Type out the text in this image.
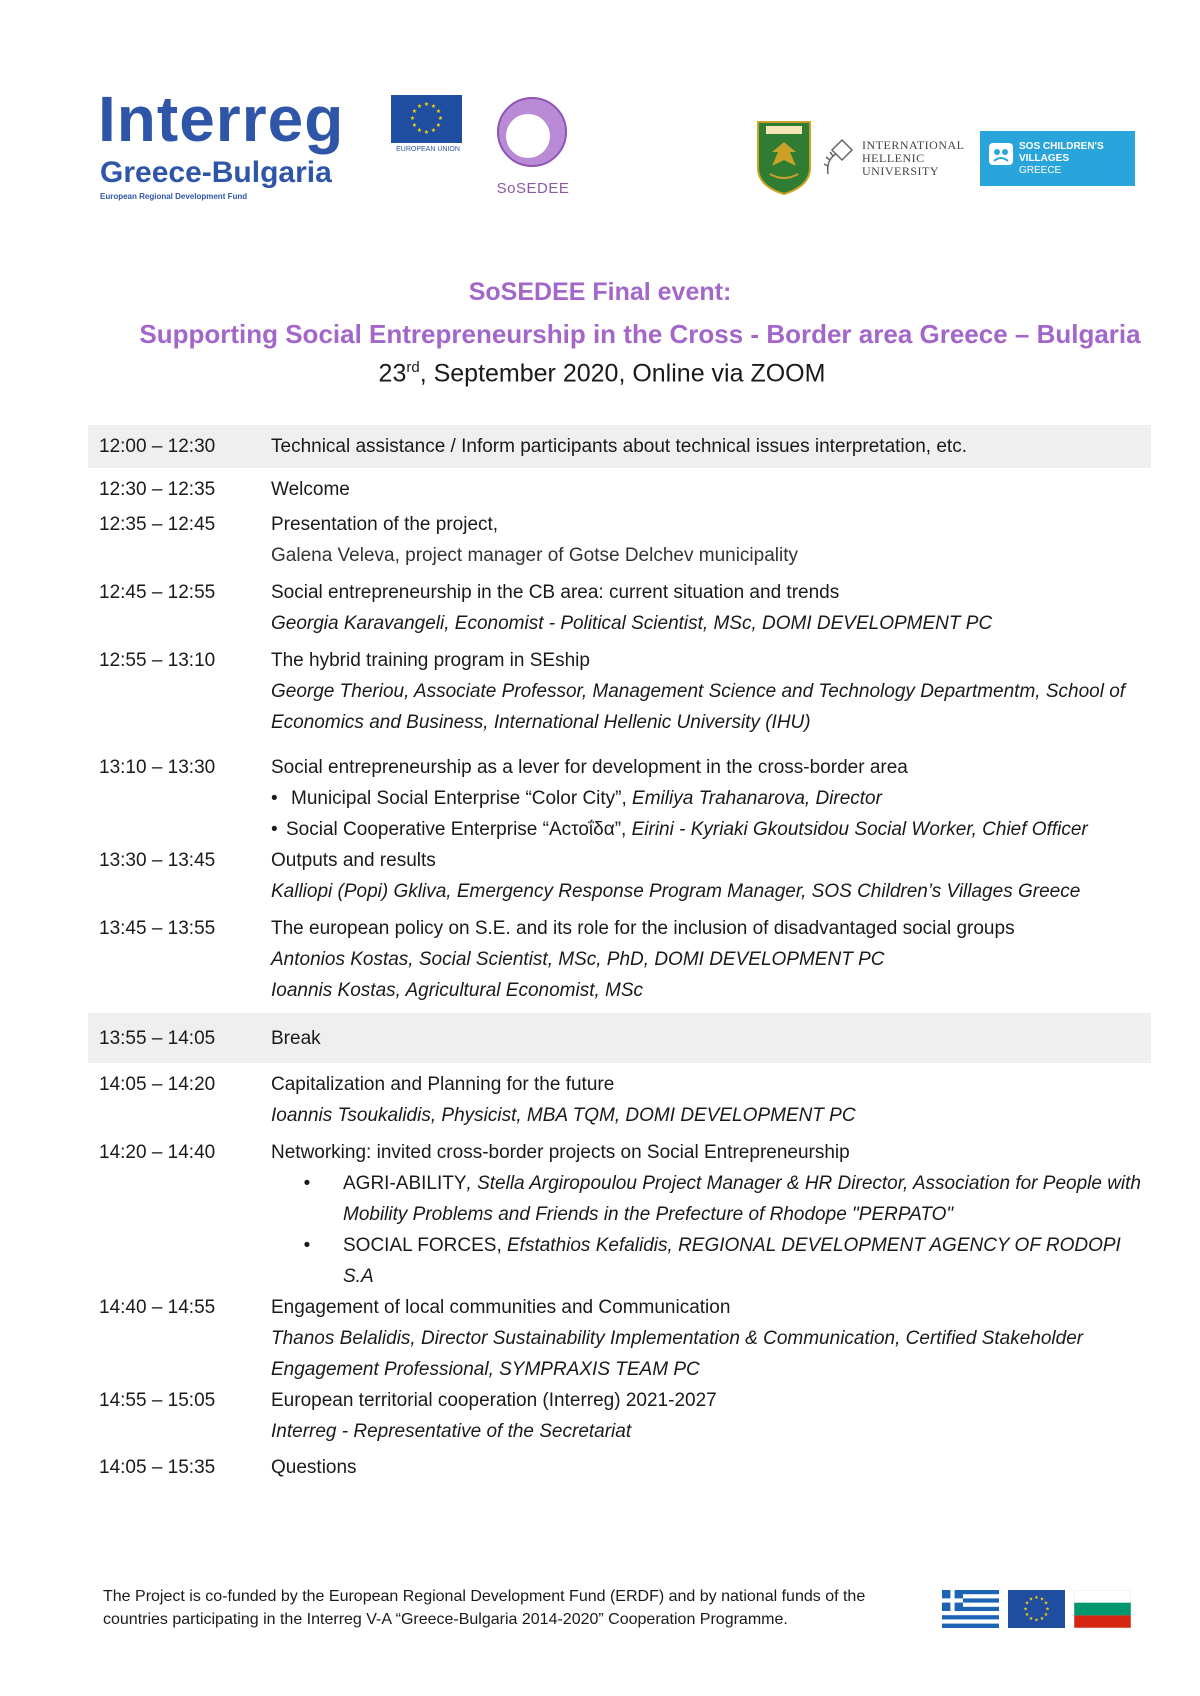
Interreg
Greece-Bulgaria
European Regional Development Fund
★ ★
★
★
★
★
★
★
★
★
★
★
EUROPEAN UNION
SoSEDEE
INTERNATIONAL
HELLENIC
UNIVERSITY
SOS CHILDREN'S
VILLAGES
GREECE
SoSEDEE Final event:
Supporting Social Entrepreneurship in the Cross - Border area Greece – Bulgaria
23rd, September 2020, Online via ZOOM
12:00 – 12:30	Technical assistance / Inform participants about technical issues interpretation, etc.
12:30 – 12:35	Welcome
12:35 – 12:45	Presentation of the project,
Galena Veleva, project manager of Gotse Delchev municipality
12:45 – 12:55	Social entrepreneurship in the CB area: current situation and trends
Georgia Karavangeli, Economist - Political Scientist, MSc, DOMI DEVELOPMENT PC
12:55 – 13:10	The hybrid training program in SEship
George Theriou, Associate Professor, Management Science and Technology Departmentm, School of Economics and Business, International Hellenic University (IHU)
13:10 – 13:30	Social entrepreneurship as a lever for development in the cross-border area
• Municipal Social Enterprise “Color City”, Emiliya Trahanarova, Director
• Social Cooperative Enterprise “Αcτοΐδα”, Eirini - Kyriaki Gkoutsidou Social Worker, Chief Officer
13:30 – 13:45	Outputs and results
Kalliopi (Popi) Gkliva, Emergency Response Program Manager, SOS Children’s Villages Greece
13:45 – 13:55	The european policy on S.E. and its role for the inclusion of disadvantaged social groups
Antonios Kostas, Social Scientist, MSc, PhD, DOMI DEVELOPMENT PC
Ioannis Kostas, Agricultural Economist, MSc
13:55 – 14:05	Break
14:05 – 14:20	Capitalization and Planning for the future
Ioannis Tsoukalidis, Physicist, MBA TQM, DOMI DEVELOPMENT PC
14:20 – 14:40	Networking: invited cross-border projects on Social Entrepreneurship
•	AGRI-ABILITY, Stella Argiropoulou Project Manager & HR Director, Association for People with Mobility Problems and Friends in the Prefecture of Rhodope "PERPATO"
•	SOCIAL FORCES, Efstathios Kefalidis, REGIONAL DEVELOPMENT AGENCY OF RODOPI S.A
14:40 – 14:55	Engagement of local communities and Communication
Thanos Belalidis, Director Sustainability Implementation & Communication, Certified Stakeholder Engagement Professional, SYMPRAXIS TEAM PC
14:55 – 15:05	European territorial cooperation (Interreg) 2021-2027
Interreg - Representative of the Secretariat
14:05 – 15:35	Questions
The Project is co-funded by the European Regional Development Fund (ERDF) and by national funds of the countries participating in the Interreg V-A “Greece-Bulgaria 2014-2020” Cooperation Programme.
★ ★
★
★
★
★
★
★
★
★
★
★
